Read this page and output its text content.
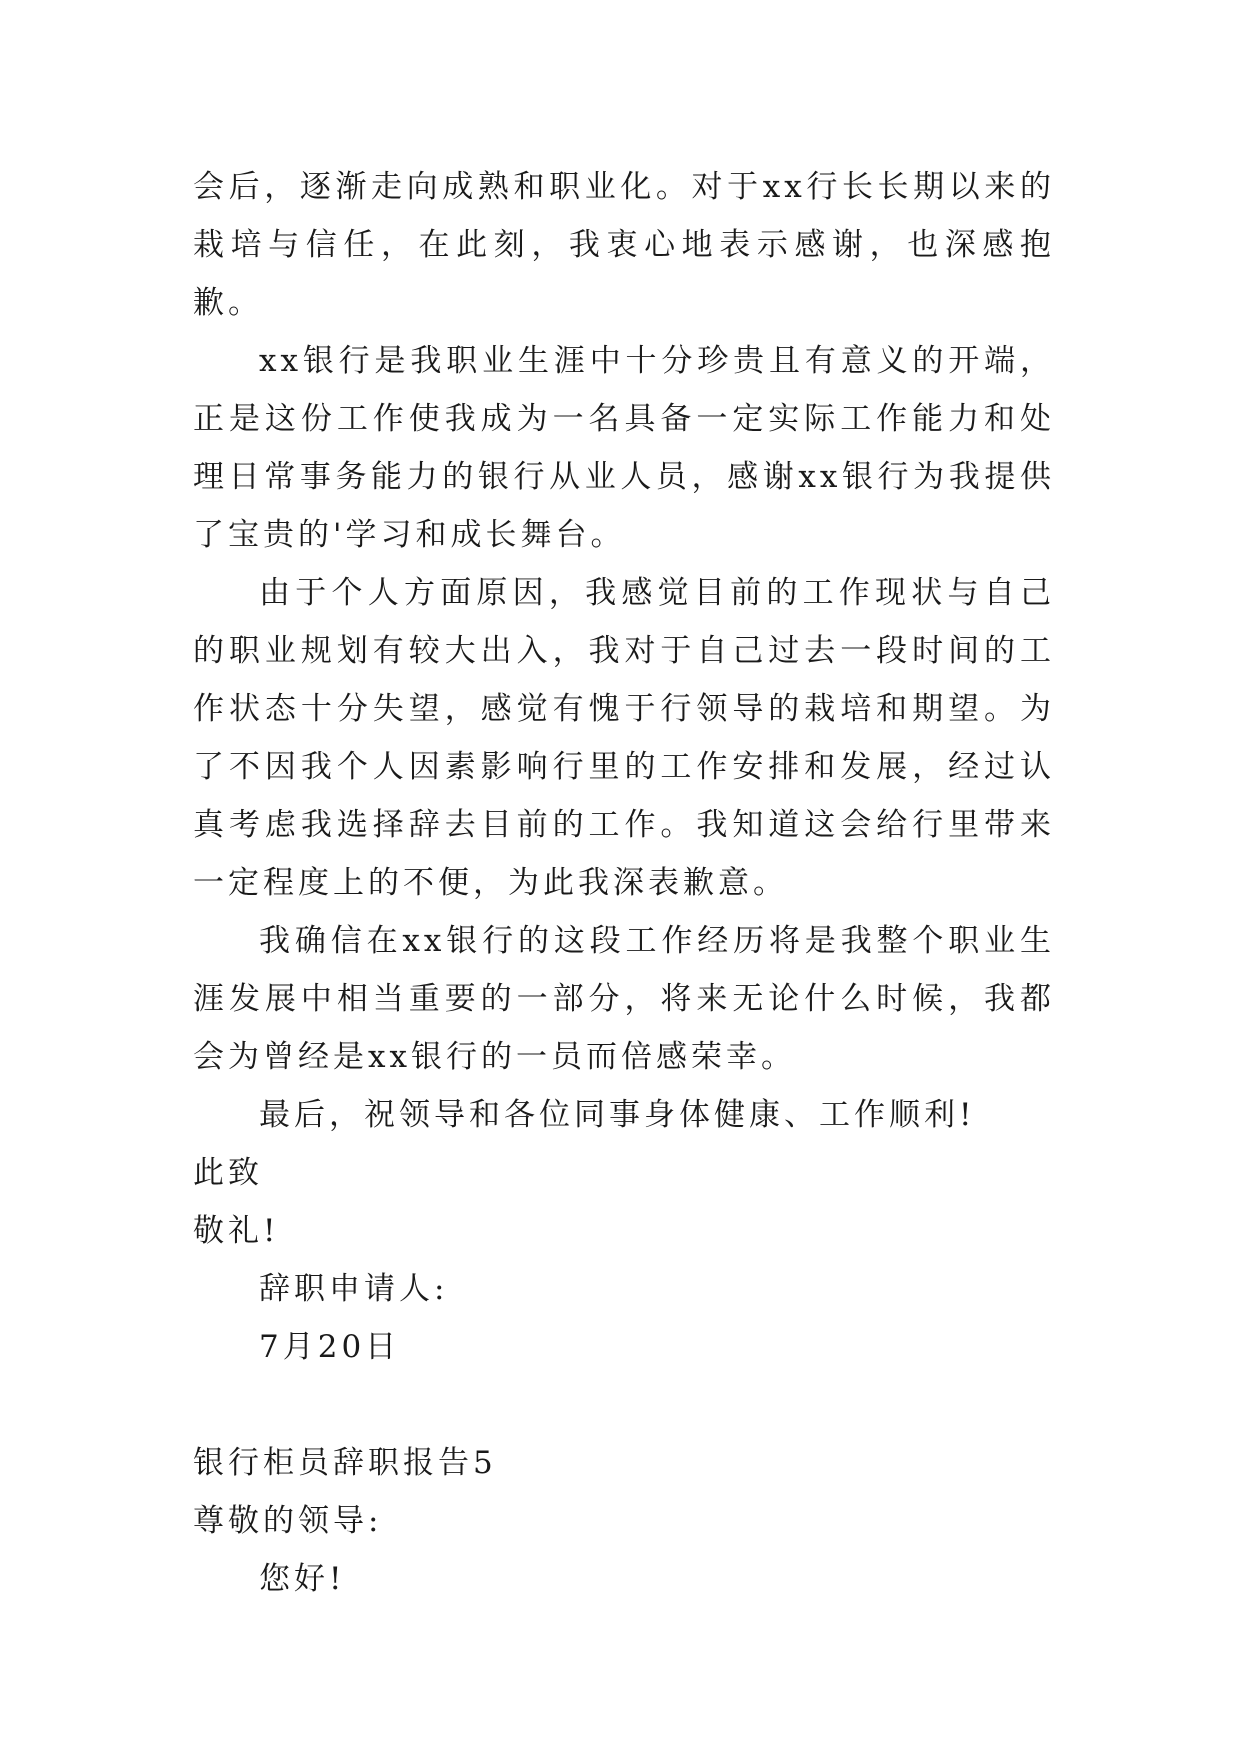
会后，逐渐走向成熟和职业化。对于xx行长长期以来的栽培与信任，在此刻，我衷心地表示感谢，也深感抱歉。

xx银行是我职业生涯中十分珍贵且有意义的开端，正是这份工作使我成为一名具备一定实际工作能力和处理日常事务能力的银行从业人员，感谢xx银行为我提供了宝贵的'学习和成长舞台。

由于个人方面原因，我感觉目前的工作现状与自己的职业规划有较大出入，我对于自己过去一段时间的工作状态十分失望，感觉有愧于行领导的栽培和期望。为了不因我个人因素影响行里的工作安排和发展，经过认真考虑我选择辞去目前的工作。我知道这会给行里带来一定程度上的不便，为此我深表歉意。

我确信在xx银行的这段工作经历将是我整个职业生涯发展中相当重要的一部分，将来无论什么时候，我都会为曾经是xx银行的一员而倍感荣幸。

最后，祝领导和各位同事身体健康、工作顺利!

此致

敬礼!

辞职申请人:

7月20日

银行柜员辞职报告5

尊敬的领导:

您好!
